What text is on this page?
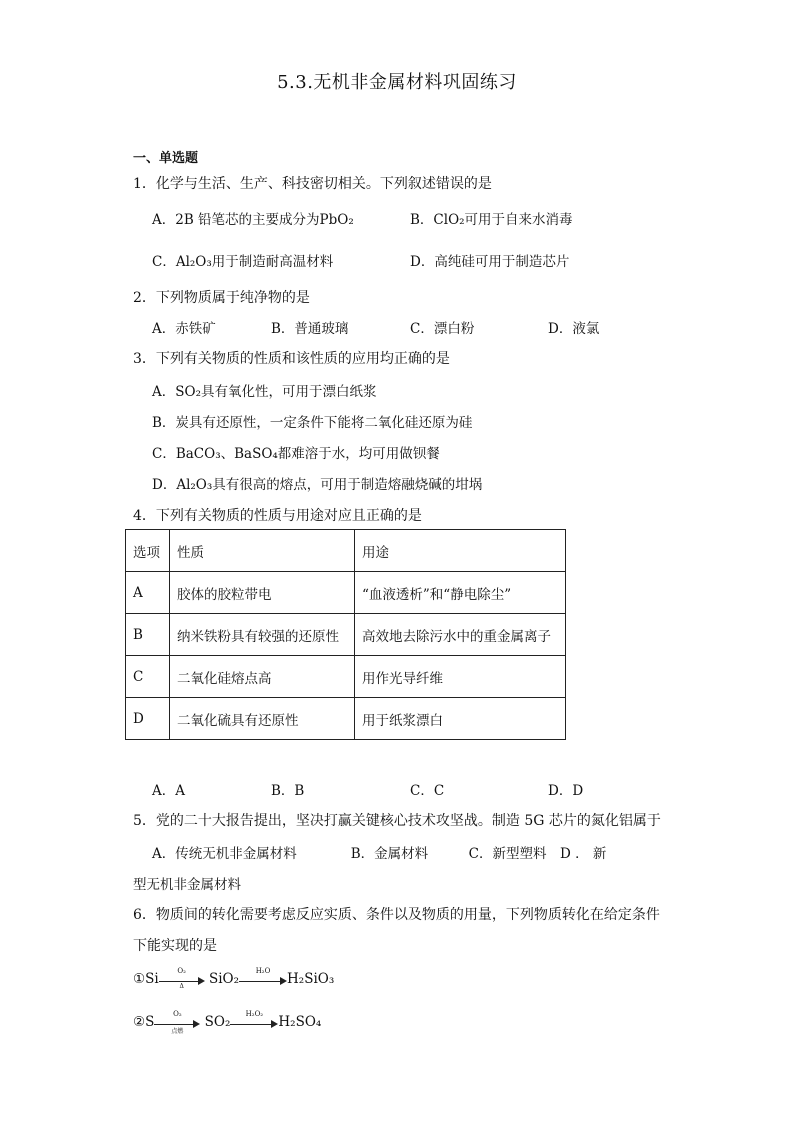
5.3.无机非金属材料巩固练习
一、单选题
1．化学与生活、生产、科技密切相关。下列叙述错误的是
A．2B 铅笔芯的主要成分为PbO₂	B．ClO₂可用于自来水消毒
C．Al₂O₃用于制造耐高温材料	D．高纯硅可用于制造芯片
2．下列物质属于纯净物的是
A．赤铁矿	B．普通玻璃	C．漂白粉	D．液氯
3．下列有关物质的性质和该性质的应用均正确的是
A．SO₂具有氧化性，可用于漂白纸浆
B．炭具有还原性，一定条件下能将二氧化硅还原为硅
C．BaCO₃、BaSO₄都难溶于水，均可用做钡餐
D．Al₂O₃具有很高的熔点，可用于制造熔融烧碱的坩埚
4．下列有关物质的性质与用途对应且正确的是
选项	性质	用途
A	胶体的胶粒带电	“血液透析”和“静电除尘”
B	纳米铁粉具有较强的还原性	高效地去除污水中的重金属离子
C	二氧化硅熔点高	用作光导纤维
D	二氧化硫具有还原性	用于纸浆漂白
A．A	B．B	C．C	D．D
5．党的二十大报告提出，坚决打赢关键核心技术攻坚战。制造 5G 芯片的氮化铝属于
A．传统无机非金属材料　　　　B．金属材料　　　C．新型塑料　D ． 新
型无机非金属材料
6．物质间的转化需要考虑反应实质、条件以及物质的用量，下列物质转化在给定条件
下能实现的是
①Si $\frac{\text{O₂}}{\Delta} SiO_2$
H₂O
H₂SiO₃
②S
O₂
点燃
SO₂
H₂O₂
H₂SO₄
